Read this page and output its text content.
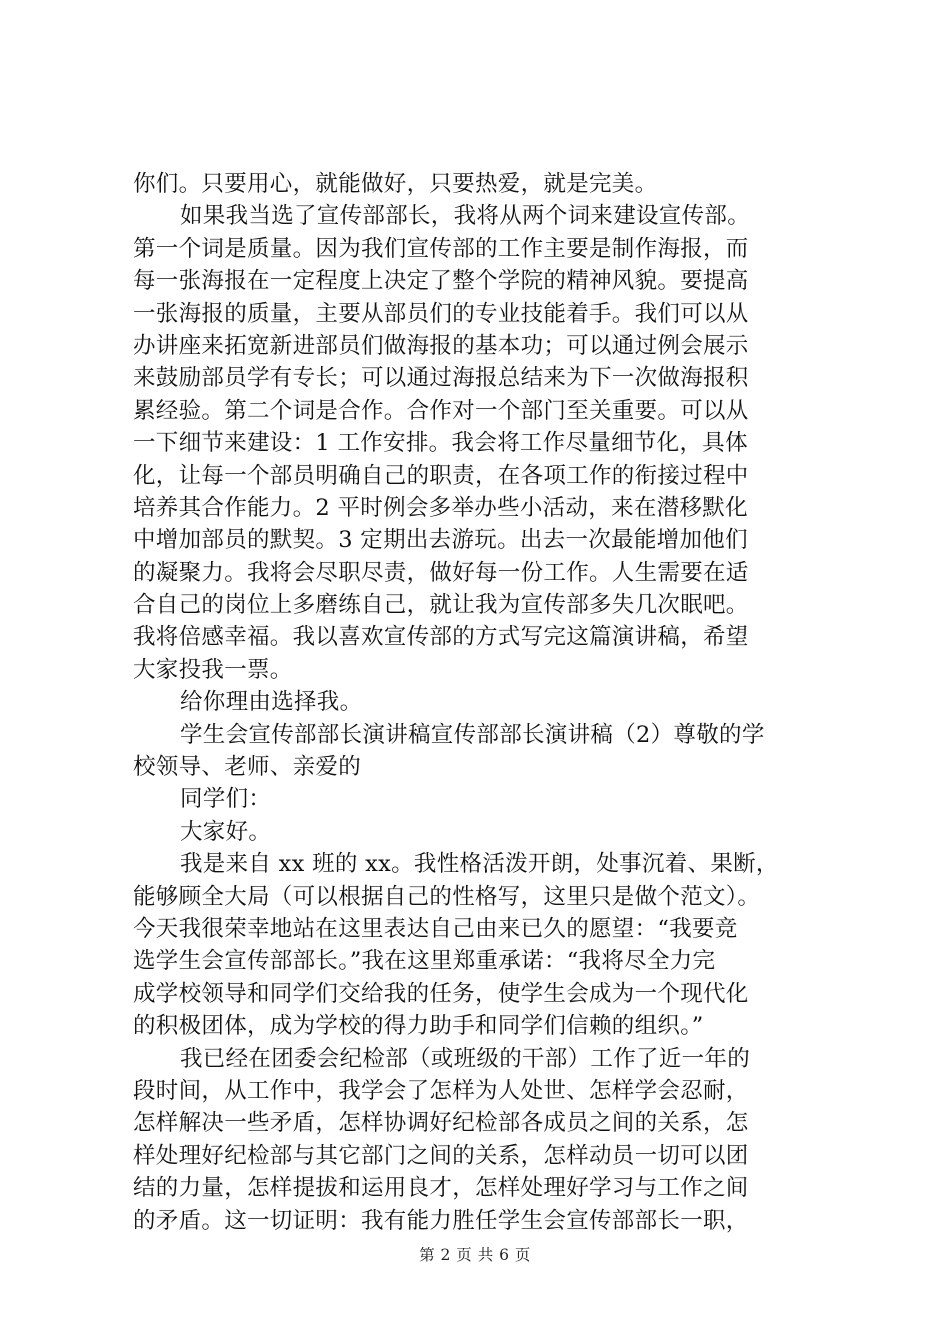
你们。只要用心，就能做好，只要热爱，就是完美。
如果我当选了宣传部部长，我将从两个词来建设宣传部。
第一个词是质量。因为我们宣传部的工作主要是制作海报，而
每一张海报在一定程度上决定了整个学院的精神风貌。要提高
一张海报的质量，主要从部员们的专业技能着手。我们可以从
办讲座来拓宽新进部员们做海报的基本功；可以通过例会展示
来鼓励部员学有专长；可以通过海报总结来为下一次做海报积
累经验。第二个词是合作。合作对一个部门至关重要。可以从
一下细节来建设：1 工作安排。我会将工作尽量细节化，具体
化，让每一个部员明确自己的职责，在各项工作的衔接过程中
培养其合作能力。2 平时例会多举办些小活动，来在潜移默化
中增加部员的默契。3 定期出去游玩。出去一次最能增加他们
的凝聚力。我将会尽职尽责，做好每一份工作。人生需要在适
合自己的岗位上多磨练自己，就让我为宣传部多失几次眠吧。
我将倍感幸福。我以喜欢宣传部的方式写完这篇演讲稿，希望
大家投我一票。
给你理由选择我。
学生会宣传部部长演讲稿宣传部部长演讲稿（2）尊敬的学
校领导、老师、亲爱的
同学们：
大家好。
我是来自 xx 班的 xx。我性格活泼开朗，处事沉着、果断，
能够顾全大局（可以根据自己的性格写，这里只是做个范文）。
今天我很荣幸地站在这里表达自己由来已久的愿望：“我要竞
选学生会宣传部部长。”我在这里郑重承诺：“我将尽全力完
成学校领导和同学们交给我的任务，使学生会成为一个现代化
的积极团体，成为学校的得力助手和同学们信赖的组织。”
我已经在团委会纪检部（或班级的干部）工作了近一年的
段时间，从工作中，我学会了怎样为人处世、怎样学会忍耐，
怎样解决一些矛盾，怎样协调好纪检部各成员之间的关系，怎
样处理好纪检部与其它部门之间的关系，怎样动员一切可以团
结的力量，怎样提拔和运用良才，怎样处理好学习与工作之间
的矛盾。这一切证明：我有能力胜任学生会宣传部部长一职，
第 2 页 共 6 页
